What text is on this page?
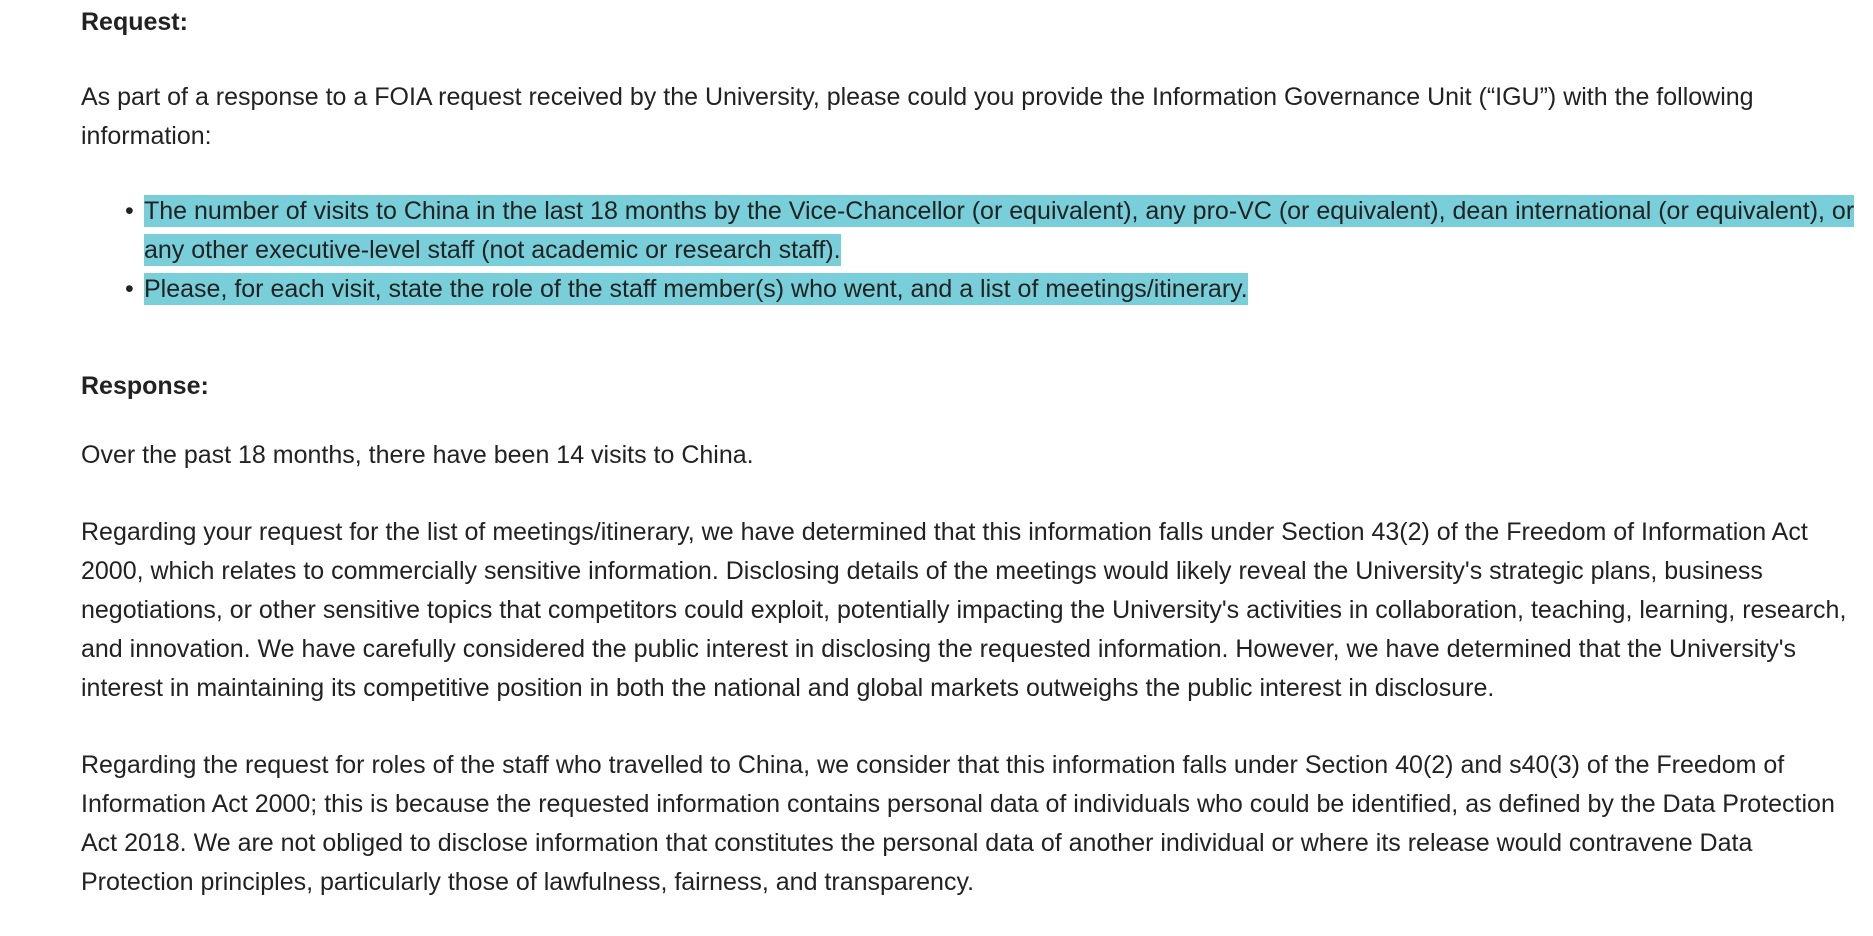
Request:

As part of a response to a FOIA request received by the University, please could you provide the Information Governance Unit (“IGU”) with the following information:

• The number of visits to China in the last 18 months by the Vice-Chancellor (or equivalent), any pro-VC (or equivalent), dean international (or equivalent), or any other executive-level staff (not academic or research staff).
• Please, for each visit, state the role of the staff member(s) who went, and a list of meetings/itinerary.
Response:

Over the past 18 months, there have been 14 visits to China.

Regarding your request for the list of meetings/itinerary, we have determined that this information falls under Section 43(2) of the Freedom of Information Act 2000, which relates to commercially sensitive information. Disclosing details of the meetings would likely reveal the University's strategic plans, business negotiations, or other sensitive topics that competitors could exploit, potentially impacting the University's activities in collaboration, teaching, learning, research, and innovation. We have carefully considered the public interest in disclosing the requested information. However, we have determined that the University's interest in maintaining its competitive position in both the national and global markets outweighs the public interest in disclosure.

Regarding the request for roles of the staff who travelled to China, we consider that this information falls under Section 40(2) and s40(3) of the Freedom of Information Act 2000; this is because the requested information contains personal data of individuals who could be identified, as defined by the Data Protection Act 2018. We are not obliged to disclose information that constitutes the personal data of another individual or where its release would contravene Data Protection principles, particularly those of lawfulness, fairness, and transparency.
